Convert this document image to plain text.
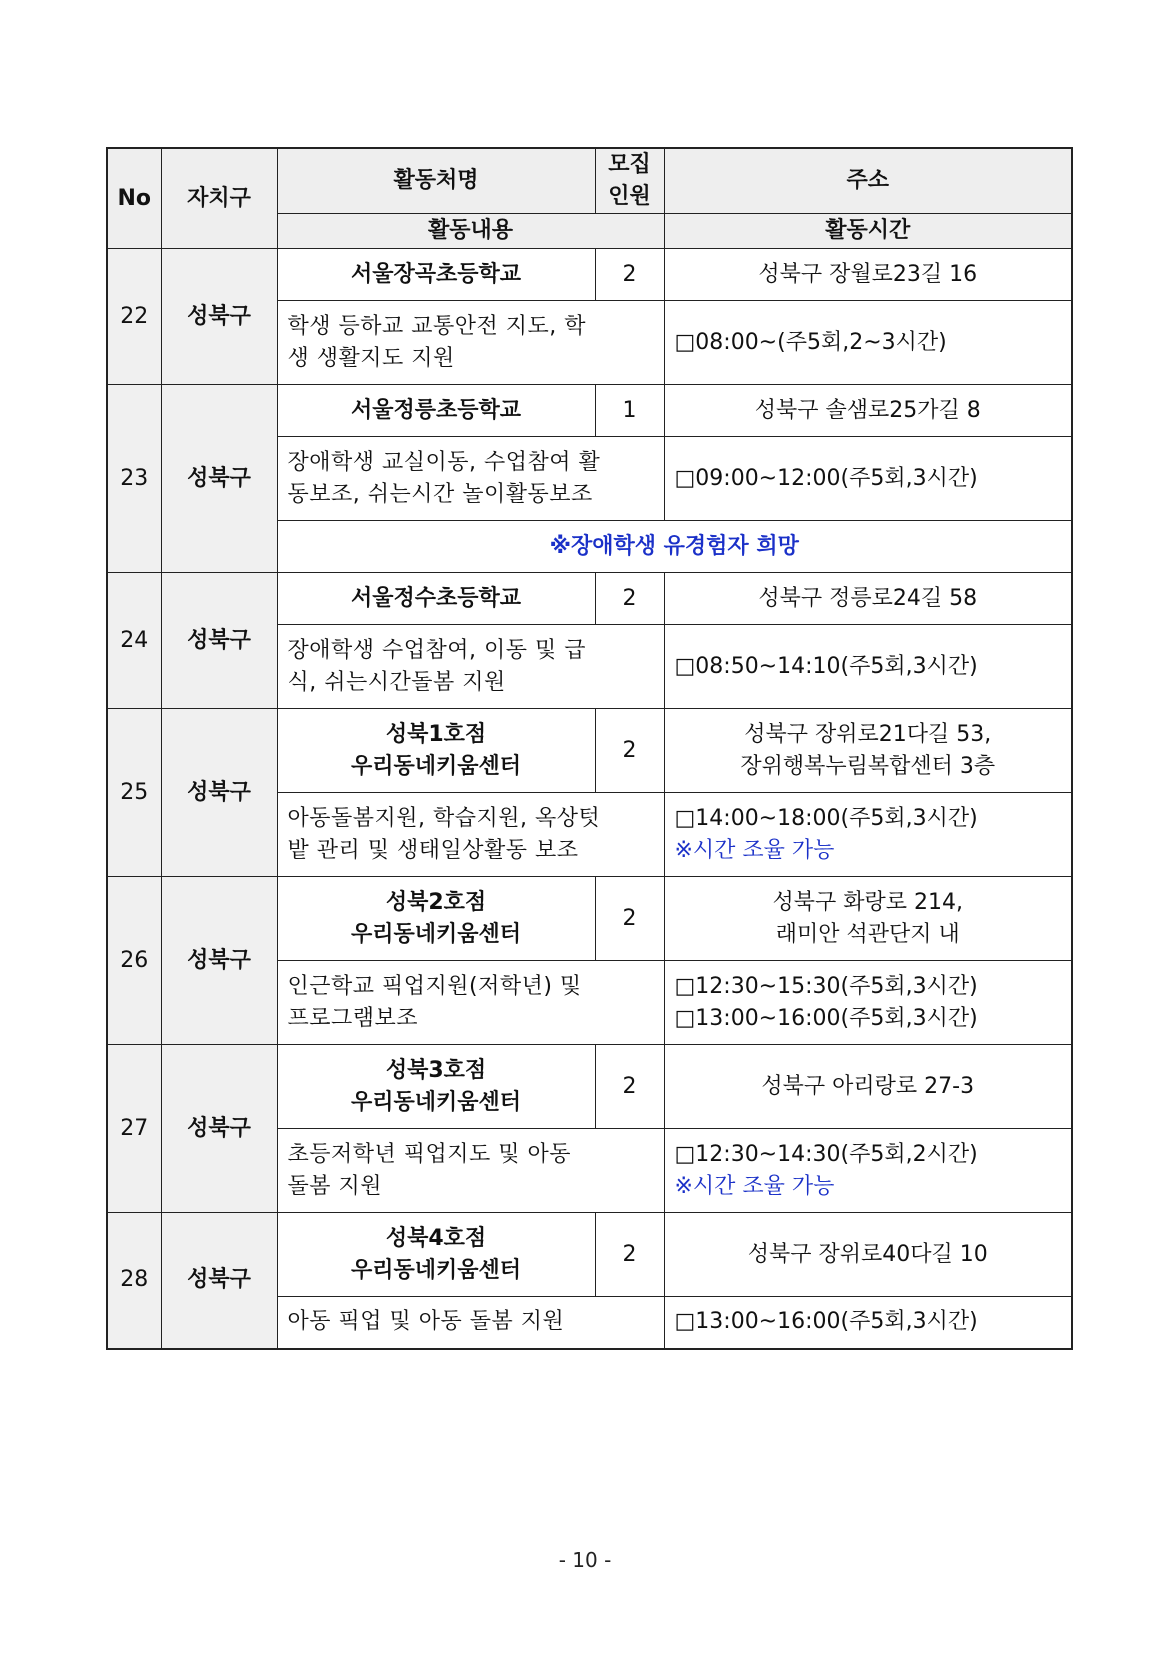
No	자치구	활동처명	모집
인원	주소
		활동내용		활동시간
22	성북구	서울장곡초등학교	2	성북구 장월로23길 16

		학생 등하교 교통안전 지도, 학
생 생활지도 지원		□08:00~(주5회,2~3시간)

23	성북구	서울정릉초등학교	1	성북구 솔샘로25가길 8

		장애학생 교실이동, 수업참여 활
동보조, 쉬는시간 놀이활동보조		□09:00~12:00(주5회,3시간)

		※장애학생 유경험자 희망		
24	성북구	서울정수초등학교	2	성북구 정릉로24길 58

		장애학생 수업참여, 이동 및 급
식, 쉬는시간돌봄 지원		□08:50~14:10(주5회,3시간)

25	성북구	성북1호점
우리동네키움센터	2	성북구 장위로21다길 53,
장위행복누림복합센터 3층

		아동돌봄지원, 학습지원, 옥상텃
밭 관리 및 생태일상활동 보조		□14:00~18:00(주5회,3시간)
※시간 조율 가능

26	성북구	성북2호점
우리동네키움센터	2	성북구 화랑로 214,
래미안 석관단지 내

		인근학교 픽업지원(저학년) 및
프로그램보조		□12:30~15:30(주5회,3시간)
□13:00~16:00(주5회,3시간)

27	성북구	성북3호점
우리동네키움센터	2	성북구 아리랑로 27-3

		초등저학년 픽업지도 및 아동
돌봄 지원		□12:30~14:30(주5회,2시간)
※시간 조율 가능

28	성북구	성북4호점
우리동네키움센터	2	성북구 장위로40다길 10
		아동 픽업 및 아동 돌봄 지원		□13:00~16:00(주5회,3시간)
- 10 -
